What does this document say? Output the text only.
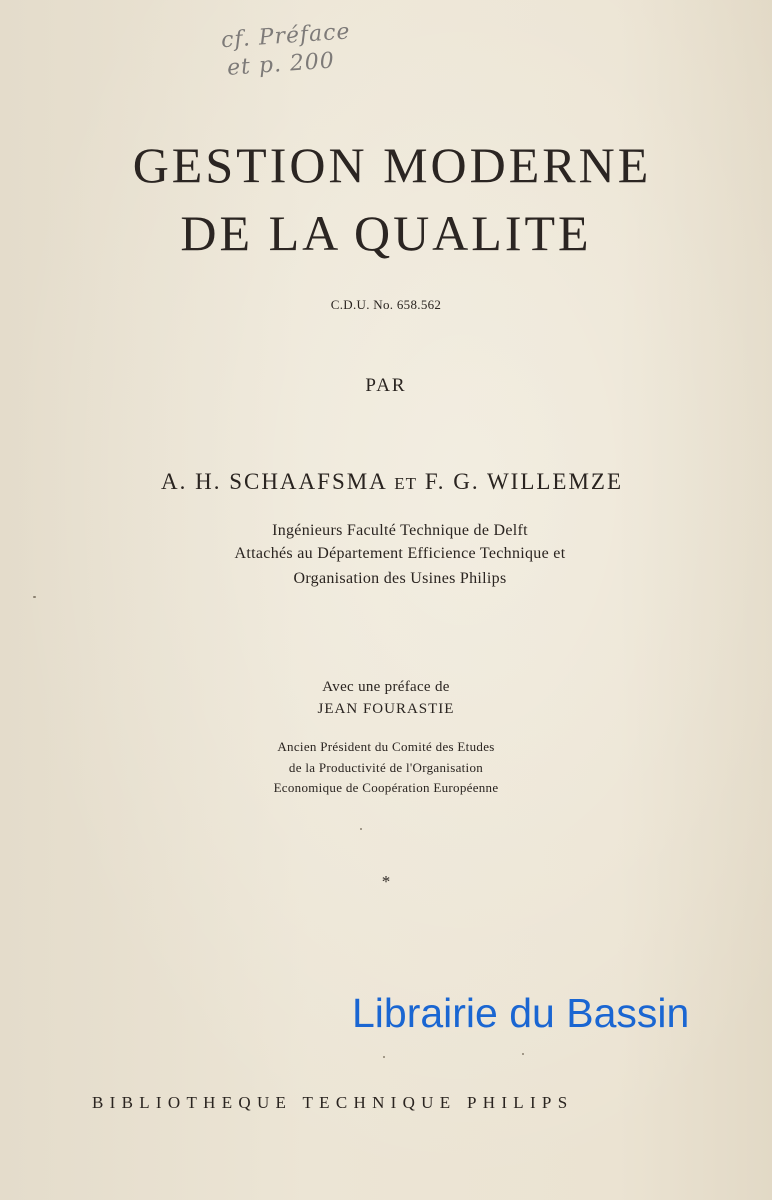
cf. Préface
et p. 200
GESTION MODERNE
DE LA QUALITE
C.D.U. No. 658.562
PAR
A. H. SCHAAFSMA ET F. G. WILLEMZE
Ingénieurs Faculté Technique de Delft
Attachés au Département Efficience Technique et
Organisation des Usines Philips
Avec une préface de
JEAN FOURASTIE
Ancien Président du Comité des Etudes
de la Productivité de l'Organisation
Economique de Coopération Européenne
*
Librairie du Bassin
BIBLIOTHEQUE TECHNIQUE PHILIPS
